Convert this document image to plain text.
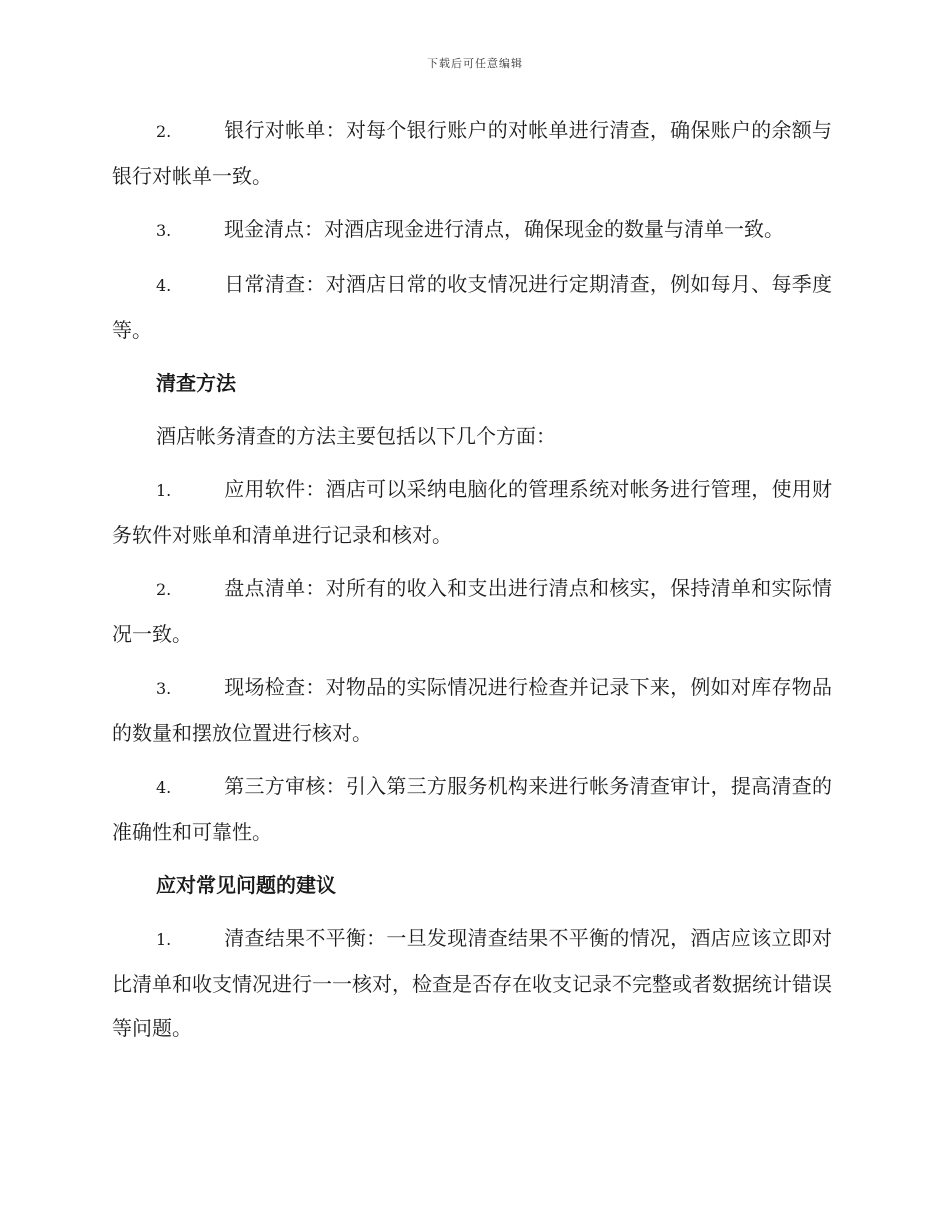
下载后可任意编辑

2.	银行对帐单：对每个银行账户的对帐单进行清查，确保账户的余额与银行对帐单一致。

3.	现金清点：对酒店现金进行清点，确保现金的数量与清单一致。

4.	日常清查：对酒店日常的收支情况进行定期清查，例如每月、每季度等。

清查方法

酒店帐务清查的方法主要包括以下几个方面：

1.	应用软件：酒店可以采纳电脑化的管理系统对帐务进行管理，使用财务软件对账单和清单进行记录和核对。

2.	盘点清单：对所有的收入和支出进行清点和核实，保持清单和实际情况一致。

3.	现场检查：对物品的实际情况进行检查并记录下来，例如对库存物品的数量和摆放位置进行核对。

4.	第三方审核：引入第三方服务机构来进行帐务清查审计，提高清查的准确性和可靠性。

应对常见问题的建议

1.	清查结果不平衡：一旦发现清查结果不平衡的情况，酒店应该立即对比清单和收支情况进行一一核对，检查是否存在收支记录不完整或者数据统计错误等问题。
